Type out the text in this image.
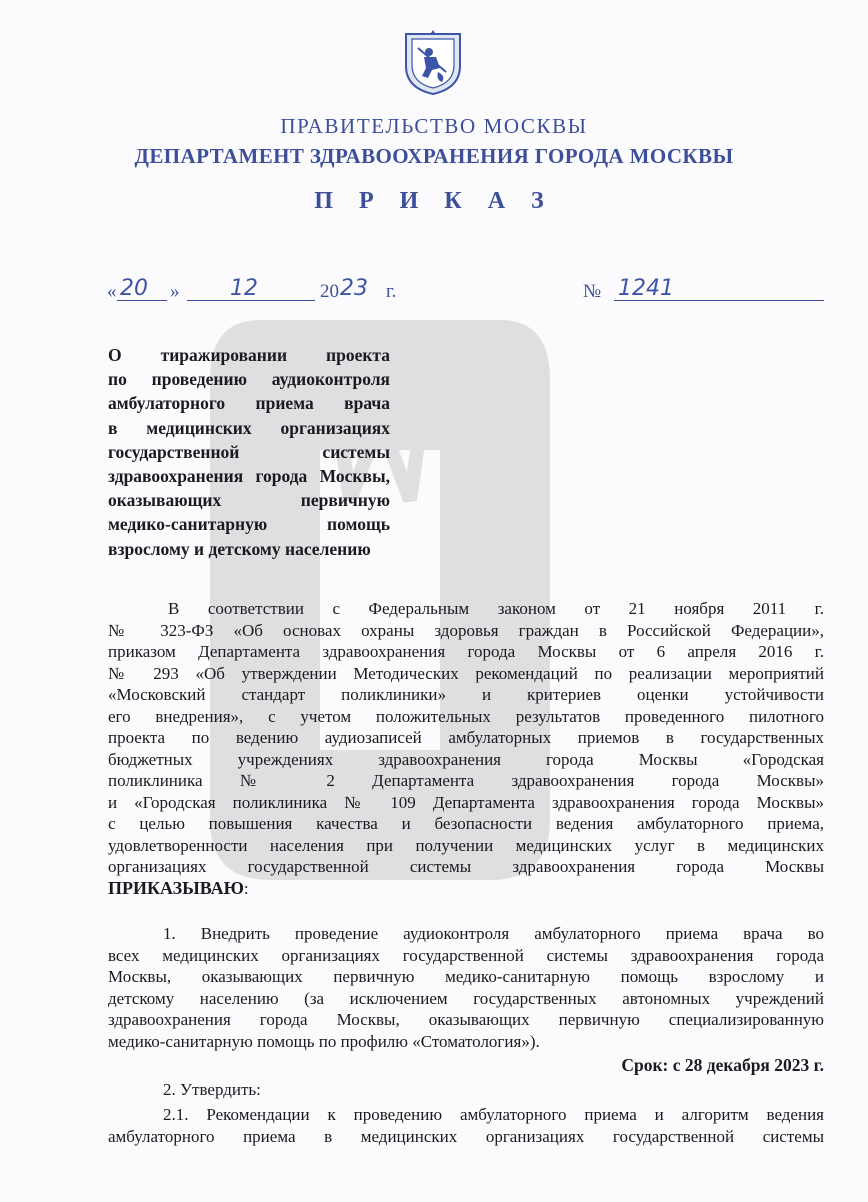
ПРАВИТЕЛЬСТВО МОСКВЫ
ДЕПАРТАМЕНТ ЗДРАВООХРАНЕНИЯ ГОРОДА МОСКВЫ
П Р И К А З
« 20 » 12	20 23 г.	№ 1241
О тиражировании проекта
по проведению аудиоконтроля
амбулаторного приема врача
в медицинских организациях
государственной системы
здравоохранения города Москвы,
оказывающих первичную
медико-санитарную помощь
взрослому и детскому населению
В соответствии с Федеральным законом от 21 ноября 2011 г.
№ 323-ФЗ «Об основах охраны здоровья граждан в Российской Федерации»,
приказом Департамента здравоохранения города Москвы от 6 апреля 2016 г.
№ 293 «Об утверждении Методических рекомендаций по реализации мероприятий
«Московский стандарт поликлиники» и критериев оценки устойчивости
его внедрения», с учетом положительных результатов проведенного пилотного
проекта по ведению аудиозаписей амбулаторных приемов в государственных
бюджетных учреждениях здравоохранения города Москвы «Городская
поликлиника № 2 Департамента здравоохранения города Москвы»
и «Городская поликлиника № 109 Департамента здравоохранения города Москвы»
с целью повышения качества и безопасности ведения амбулаторного приема,
удовлетворенности населения при получении медицинских услуг в медицинских
организациях государственной системы здравоохранения города Москвы
ПРИКАЗЫВАЮ:
1. Внедрить проведение аудиоконтроля амбулаторного приема врача во
всех медицинских организациях государственной системы здравоохранения города
Москвы, оказывающих первичную медико-санитарную помощь взрослому и
детскому населению (за исключением государственных автономных учреждений
здравоохранения города Москвы, оказывающих первичную специализированную
медико-санитарную помощь по профилю «Стоматология»).
Срок: с 28 декабря 2023 г.
2. Утвердить:
2.1. Рекомендации к проведению амбулаторного приема и алгоритм ведения
амбулаторного приема в медицинских организациях государственной системы
